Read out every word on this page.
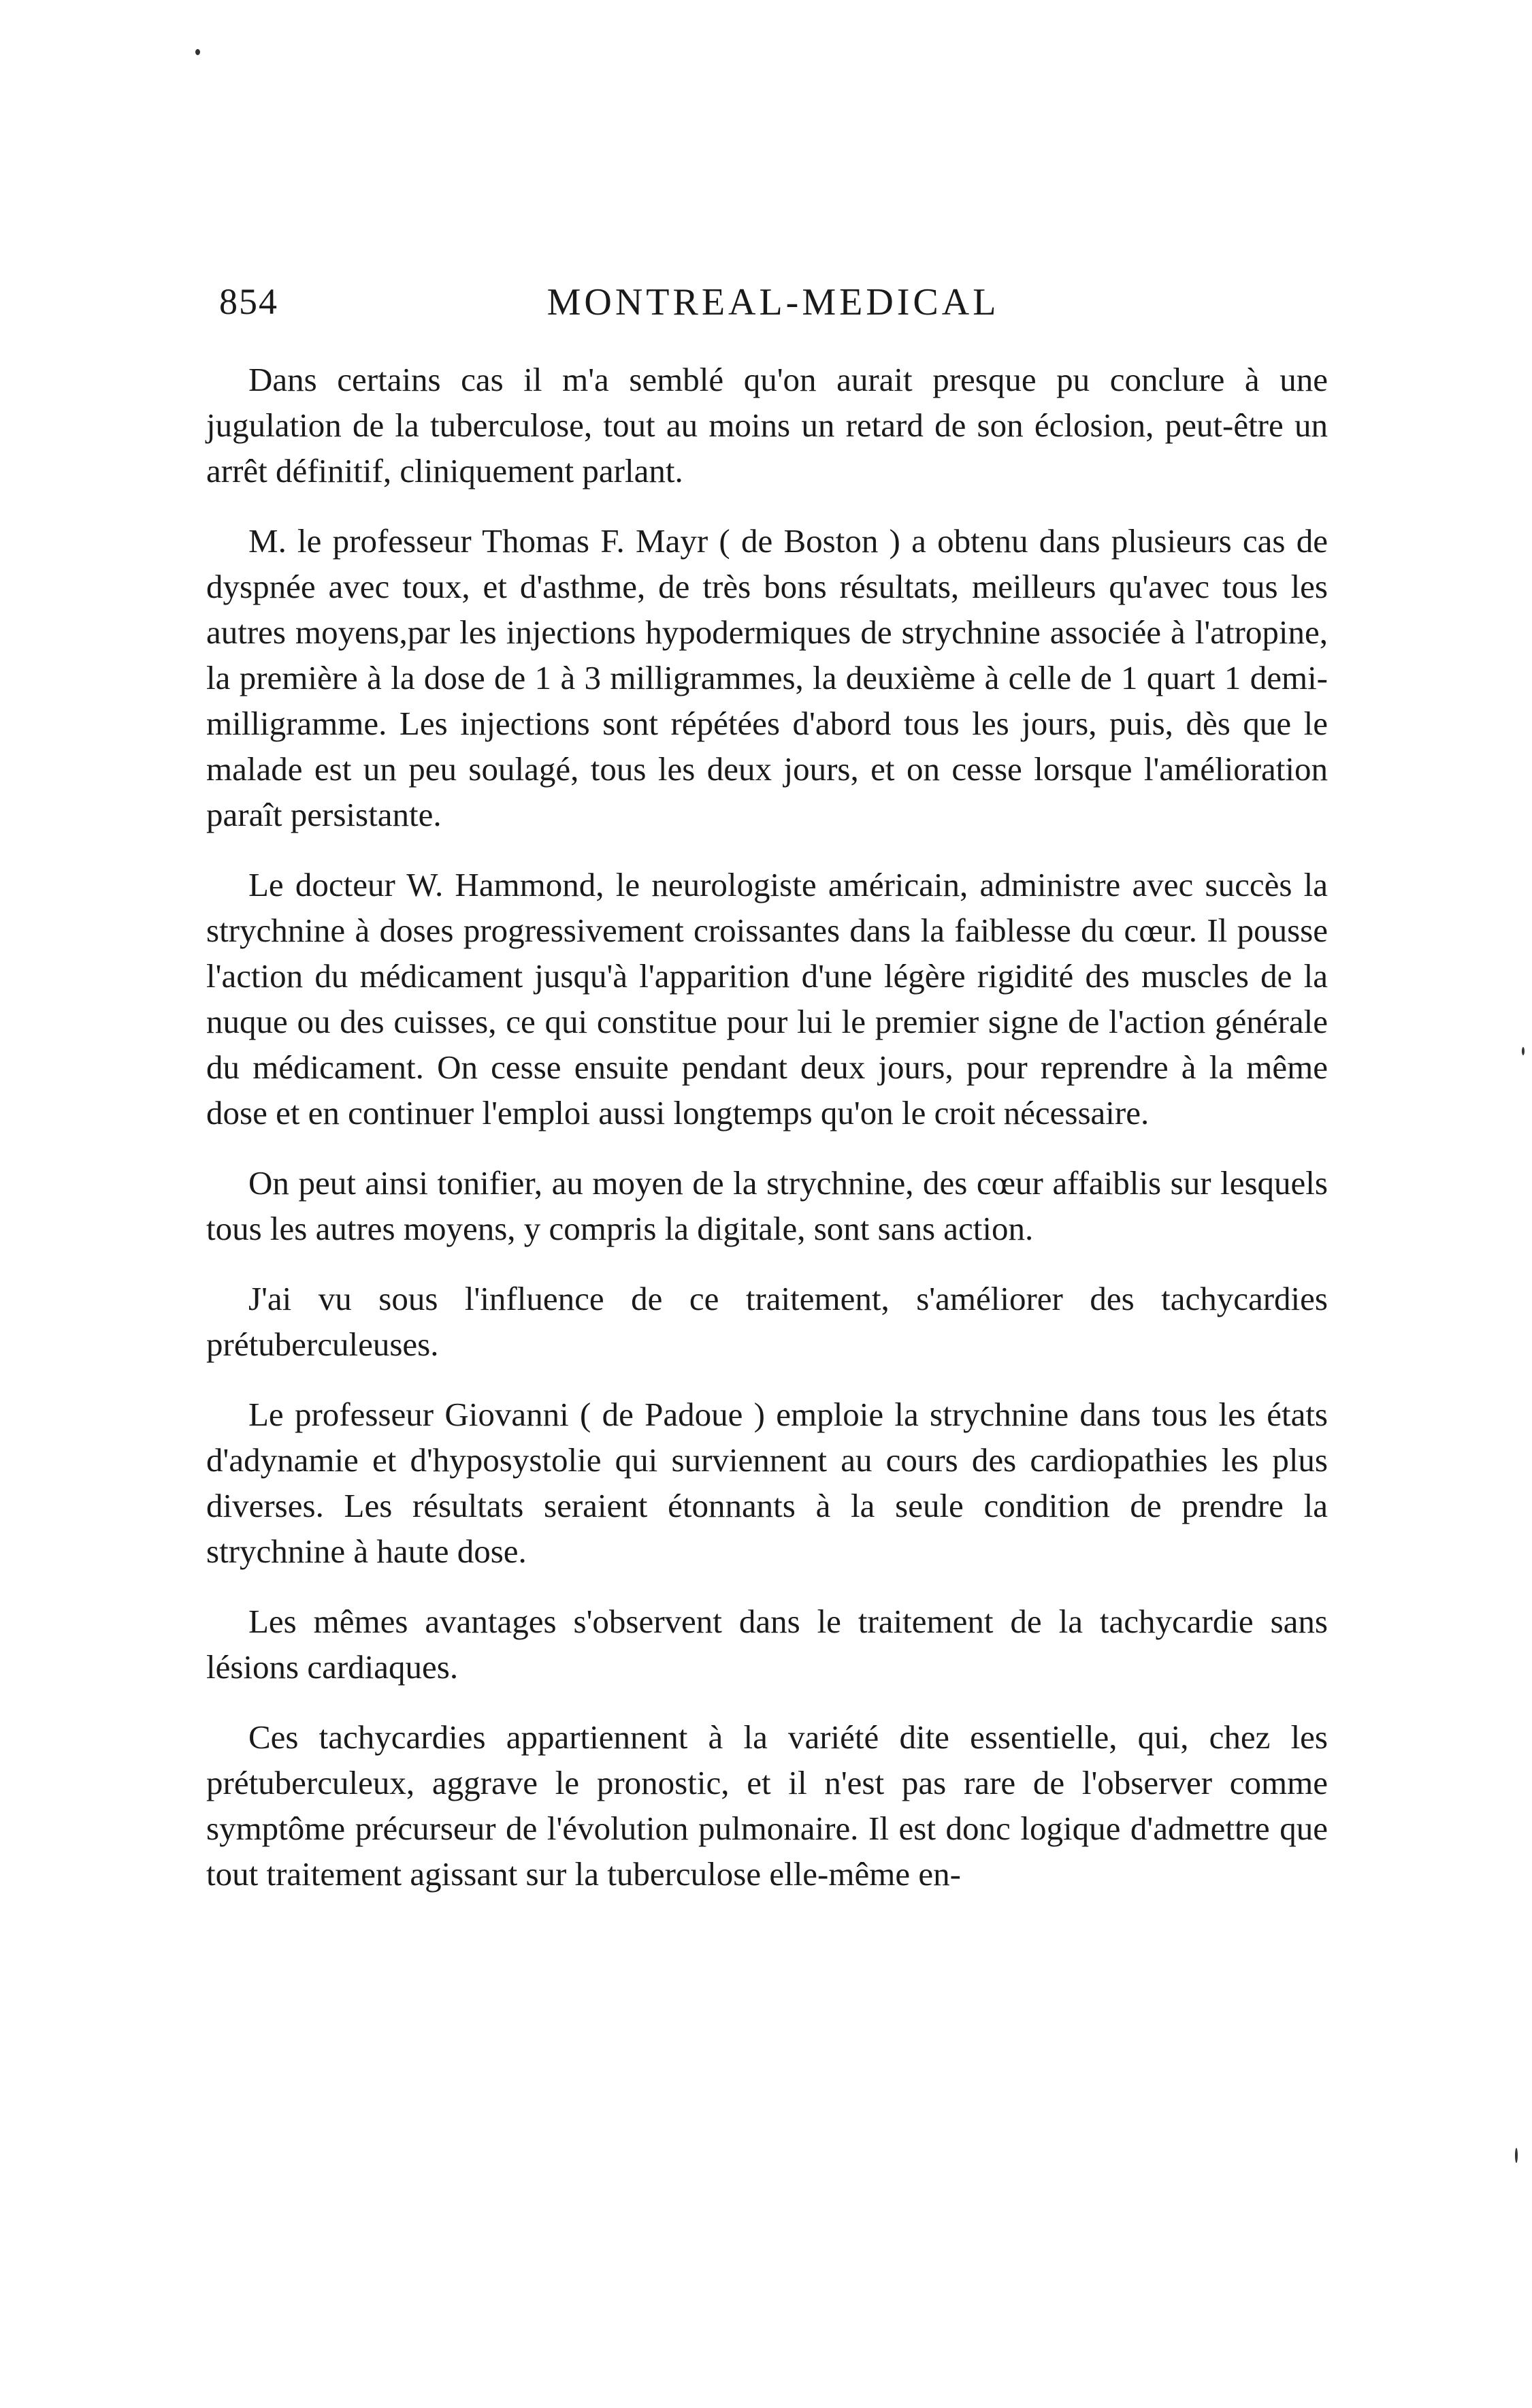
854	MONTREAL-MEDICAL

Dans certains cas il m'a semblé qu'on aurait presque pu conclure à une jugulation de la tuberculose, tout au moins un retard de son éclosion, peut-être un arrêt définitif, cliniquement parlant.

M. le professeur Thomas F. Mayr ( de Boston ) a obtenu dans plusieurs cas de dyspnée avec toux, et d'asthme, de très bons résultats, meilleurs qu'avec tous les autres moyens,par les injections hypodermiques de strychnine associée à l'atropine, la première à la dose de 1 à 3 milligrammes, la deuxième à celle de 1 quart 1 demi-milligramme. Les injections sont répétées d'abord tous les jours, puis, dès que le malade est un peu soulagé, tous les deux jours, et on cesse lorsque l'amélioration paraît persistante.

Le docteur W. Hammond, le neurologiste américain, administre avec succès la strychnine à doses progressivement croissantes dans la faiblesse du cœur. Il pousse l'action du médicament jusqu'à l'apparition d'une légère rigidité des muscles de la nuque ou des cuisses, ce qui constitue pour lui le premier signe de l'action générale du médicament. On cesse ensuite pendant deux jours, pour reprendre à la même dose et en continuer l'emploi aussi longtemps qu'on le croit nécessaire.

On peut ainsi tonifier, au moyen de la strychnine, des cœur affaiblis sur lesquels tous les autres moyens, y compris la digitale, sont sans action.

J'ai vu sous l'influence de ce traitement, s'améliorer des tachycardies prétuberculeuses.

Le professeur Giovanni ( de Padoue ) emploie la strychnine dans tous les états d'adynamie et d'hyposystolie qui surviennent au cours des cardiopathies les plus diverses. Les résultats seraient étonnants à la seule condition de prendre la strychnine à haute dose.

Les mêmes avantages s'observent dans le traitement de la tachycardie sans lésions cardiaques.

Ces tachycardies appartiennent à la variété dite essentielle, qui, chez les prétuberculeux, aggrave le pronostic, et il n'est pas rare de l'observer comme symptôme précurseur de l'évolution pulmonaire. Il est donc logique d'admettre que tout traitement agissant sur la tuberculose elle-même en-
